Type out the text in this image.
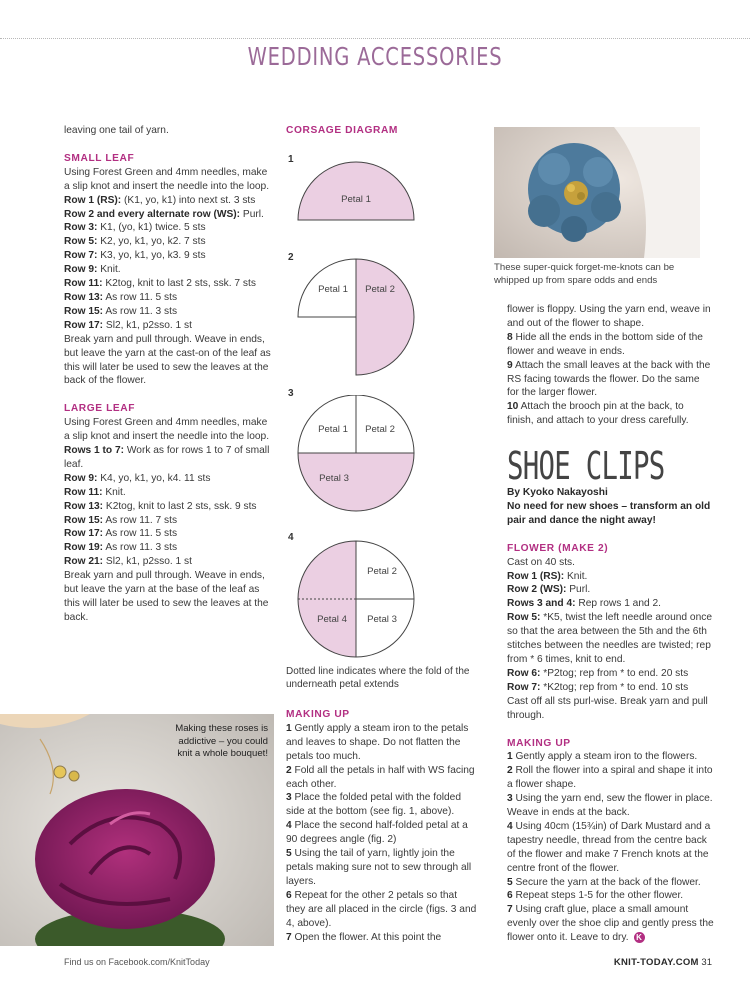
WEDDING ACCESSORIES

leaving one tail of yarn.

SMALL LEAF

Using Forest Green and 4mm needles, make a slip knot and insert the needle into the loop.

Row 1 (RS): (K1, yo, k1) into next st. 3 sts

Row 2 and every alternate row (WS): Purl.

Row 3: K1, (yo, k1) twice. 5 sts

Row 5: K2, yo, k1, yo, k2. 7 sts

Row 7: K3, yo, k1, yo, k3. 9 sts

Row 9: Knit.

Row 11: K2tog, knit to last 2 sts, ssk. 7 sts

Row 13: As row 11. 5 sts

Row 15: As row 11. 3 sts

Row 17: Sl2, k1, p2sso. 1 st

Break yarn and pull through. Weave in ends, but leave the yarn at the cast-on of the leaf as this will later be used to sew the leaves at the back of the flower.

LARGE LEAF

Using Forest Green and 4mm needles, make a slip knot and insert the needle into the loop.

Rows 1 to 7: Work as for rows 1 to 7 of small leaf.

Row 9: K4, yo, k1, yo, k4. 11 sts

Row 11: Knit.

Row 13: K2tog, knit to last 2 sts, ssk. 9 sts

Row 15: As row 11. 7 sts

Row 17: As row 11. 5 sts

Row 19: As row 11. 3 sts

Row 21: Sl2, k1, p2sso. 1 st

Break yarn and pull through. Weave in ends, but leave the yarn at the base of the leaf as this will later be used to sew the leaves at the back.

Making these roses is addictive – you could knit a whole bouquet!

CORSAGE DIAGRAM

1
Petal 1
2
Petal 1 Petal 2
3
Petal 1 Petal 2
Petal 3
4
Petal 2
Petal 3
Petal 4

Dotted line indicates where the fold of the underneath petal extends

MAKING UP

1 Gently apply a steam iron to the petals and leaves to shape. Do not flatten the petals too much.

2 Fold all the petals in half with WS facing each other.

3 Place the folded petal with the folded side at the bottom (see fig. 1, above).

4 Place the second half-folded petal at a 90 degrees angle (fig. 2)

5 Using the tail of yarn, lightly join the petals making sure not to sew through all layers.

6 Repeat for the other 2 petals so that they are all placed in the circle (figs. 3 and 4, above).

7 Open the flower. At this point the

These super-quick forget-me-knots can be whipped up from spare odds and ends

flower is floppy. Using the yarn end, weave in and out of the flower to shape.

8 Hide all the ends in the bottom side of the flower and weave in ends.

9 Attach the small leaves at the back with the RS facing towards the flower. Do the same for the larger flower.

10 Attach the brooch pin at the back, to finish, and attach to your dress carefully.

SHOE CLIPS

By Kyoko Nakayoshi

No need for new shoes – transform an old pair and dance the night away!

FLOWER (MAKE 2)

Cast on 40 sts.

Row 1 (RS): Knit.

Row 2 (WS): Purl.

Rows 3 and 4: Rep rows 1 and 2.

Row 5: *K5, twist the left needle around once so that the area between the 5th and the 6th stitches between the needles are twisted; rep from * 6 times, knit to end.

Row 6: *P2tog; rep from * to end. 20 sts

Row 7: *K2tog; rep from * to end. 10 sts

Cast off all sts purl-wise. Break yarn and pull through.

MAKING UP

1 Gently apply a steam iron to the flowers.

2 Roll the flower into a spiral and shape it into a flower shape.

3 Using the yarn end, sew the flower in place. Weave in ends at the back.

4 Using 40cm (15¾in) of Dark Mustard and a tapestry needle, thread from the centre back of the flower and make 7 French knots at the centre front of the flower.

5 Secure the yarn at the back of the flower.

6 Repeat steps 1-5 for the other flower.

7 Using craft glue, place a small amount evenly over the shoe clip and gently press the flower onto it. Leave to dry. K

Find us on Facebook.com/KnitToday	KNIT-TODAY.COM 31
